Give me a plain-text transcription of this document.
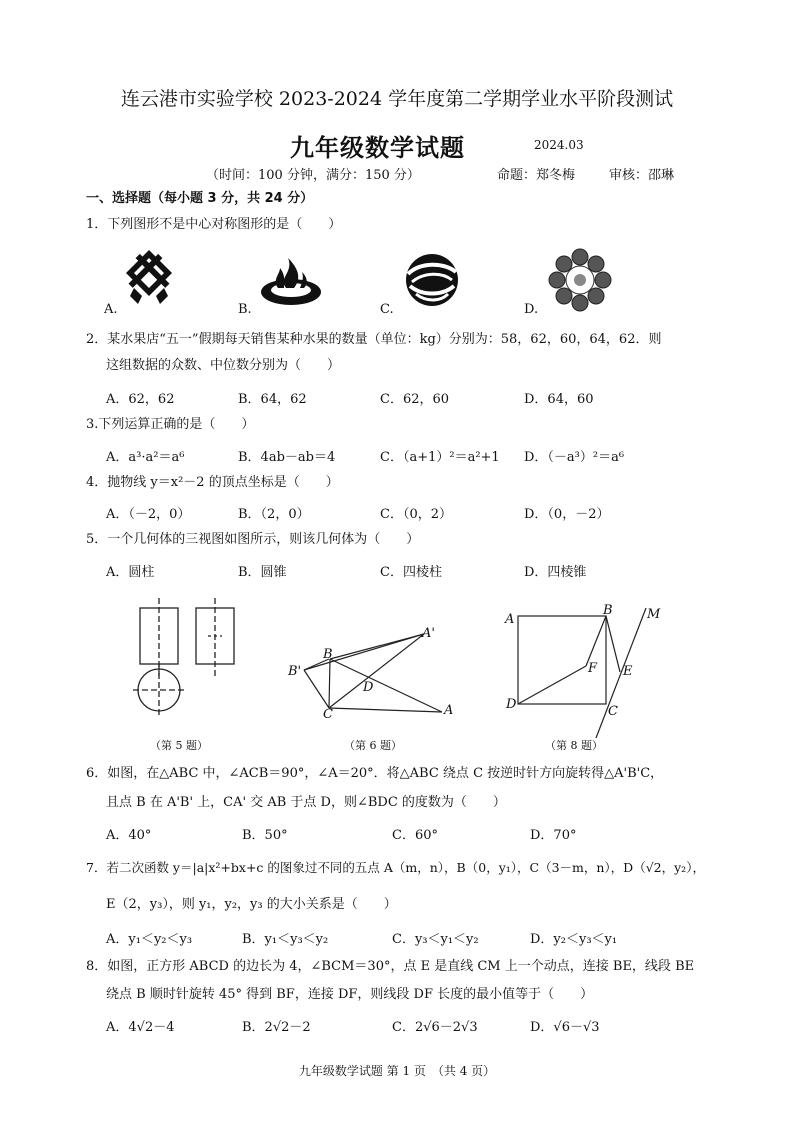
连云港市实验学校 2023-2024 学年度第二学期学业水平阶段测试
九年级数学试题	2024.03
（时间：100 分钟，满分：150 分）	命题：郑冬梅	审核：邵琳
一、选择题（每小题 3 分，共 24 分）
1．下列图形不是中心对称图形的是（　　）
A.	B.	C.	D.
2．某水果店“五一”假期每天销售某种水果的数量（单位：kg）分别为：58，62，60，64，62．则
这组数据的众数、中位数分别为（　　）
A．62，62	B．64，62	C．62，60	D．64，60
3.下列运算正确的是（　　）
A．a³·a²＝a⁶	B．4ab－ab＝4	C．（a+1）²＝a²+1 D．（－a³）²＝a⁶
4．抛物线 y＝x²－2 的顶点坐标是（　　）
A．（－2，0）	B．（2，0）	C．（0，2）	D．（0，－2）
5．一个几何体的三视图如图所示，则该几何体为（　　）
A．圆柱	B．圆锥	C．四棱柱	D．四棱锥
（第 5 题）
B
B'
A'
D
C	A
（第 6 题）
A
B	M
F E
D	C
（第 8 题）
6．如图，在△ABC 中，∠ACB＝90°，∠A＝20°．将△ABC 绕点 C 按逆时针方向旋转得△A'B'C，
且点 B 在 A'B' 上，CA' 交 AB 于点 D，则∠BDC 的度数为（　　）
A．40°	B．50°	C．60°	D．70°
7．若二次函数 y＝|a|x²+bx+c 的图象过不同的五点 A（m，n），B（0，y₁），C（3－m，n），D（√2，y₂），
E（2，y₃），则 y₁，y₂，y₃ 的大小关系是（　　）
A．y₁＜y₂＜y₃	B．y₁＜y₃＜y₂	C．y₃＜y₁＜y₂	D．y₂＜y₃＜y₁
8．如图，正方形 ABCD 的边长为 4，∠BCM＝30°，点 E 是直线 CM 上一个动点，连接 BE，线段 BE
绕点 B 顺时针旋转 45° 得到 BF，连接 DF，则线段 DF 长度的最小值等于（　　）
A．4√2－4	B．2√2－2	C．2√6－2√3	D．√6－√3
九年级数学试题 第 1 页　（共 4 页）
